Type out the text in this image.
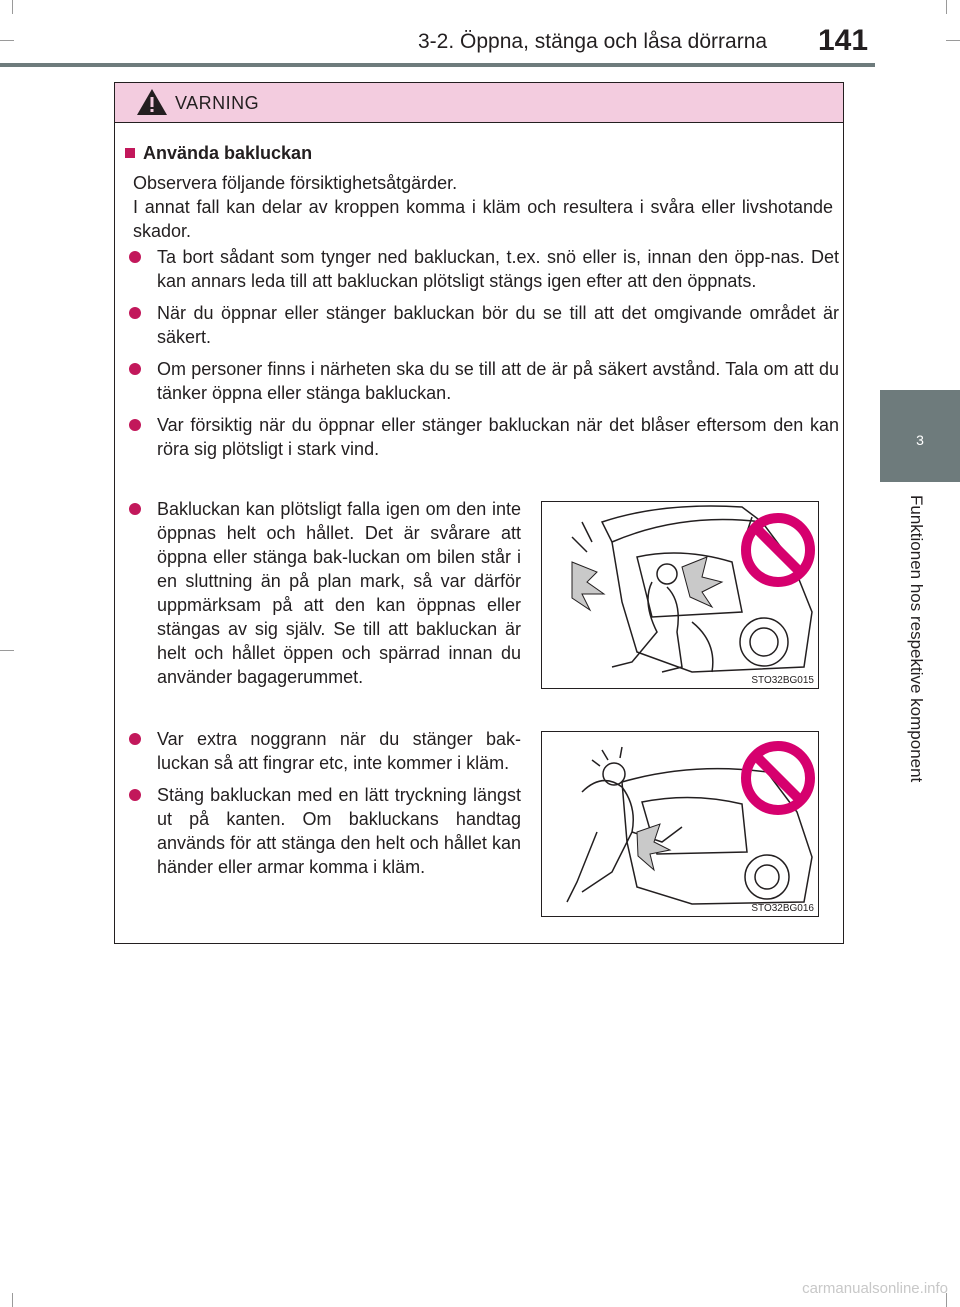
3-2. Öppna, stänga och låsa dörrarna 141
3
Funktionen hos respektive komponent
VARNING
Använda bakluckan

Observera följande försiktighetsåtgärder.

I annat fall kan delar av kroppen komma i kläm och resultera i svåra eller livshotande skador.

Ta bort sådant som tynger ned bakluckan, t.ex. snö eller is, innan den öpp-nas. Det kan annars leda till att bakluckan plötsligt stängs igen efter att den öppnats.
När du öppnar eller stänger bakluckan bör du se till att det omgivande området är säkert.
Om personer finns i närheten ska du se till att de är på säkert avstånd. Tala om att du tänker öppna eller stänga bakluckan.
Var försiktig när du öppnar eller stänger bakluckan när det blåser eftersom den kan röra sig plötsligt i stark vind.
Bakluckan kan plötsligt falla igen om den inte öppnas helt och hållet. Det är svårare att öppna eller stänga bak-luckan om bilen står i en sluttning än på plan mark, så var därför uppmärksam på att den kan öppnas eller stängas av sig själv. Se till att bakluckan är helt och hållet öppen och spärrad innan du använder bagagerummet.	STO32BG015
Var extra noggrann när du stänger bak-luckan så att fingrar etc, inte kommer i kläm.
Stäng bakluckan med en lätt tryckning längst ut på kanten. Om bakluckans handtag används för att stänga den helt och hållet kan händer eller armar komma i kläm.
STO32BG016
carmanualsonline.info
